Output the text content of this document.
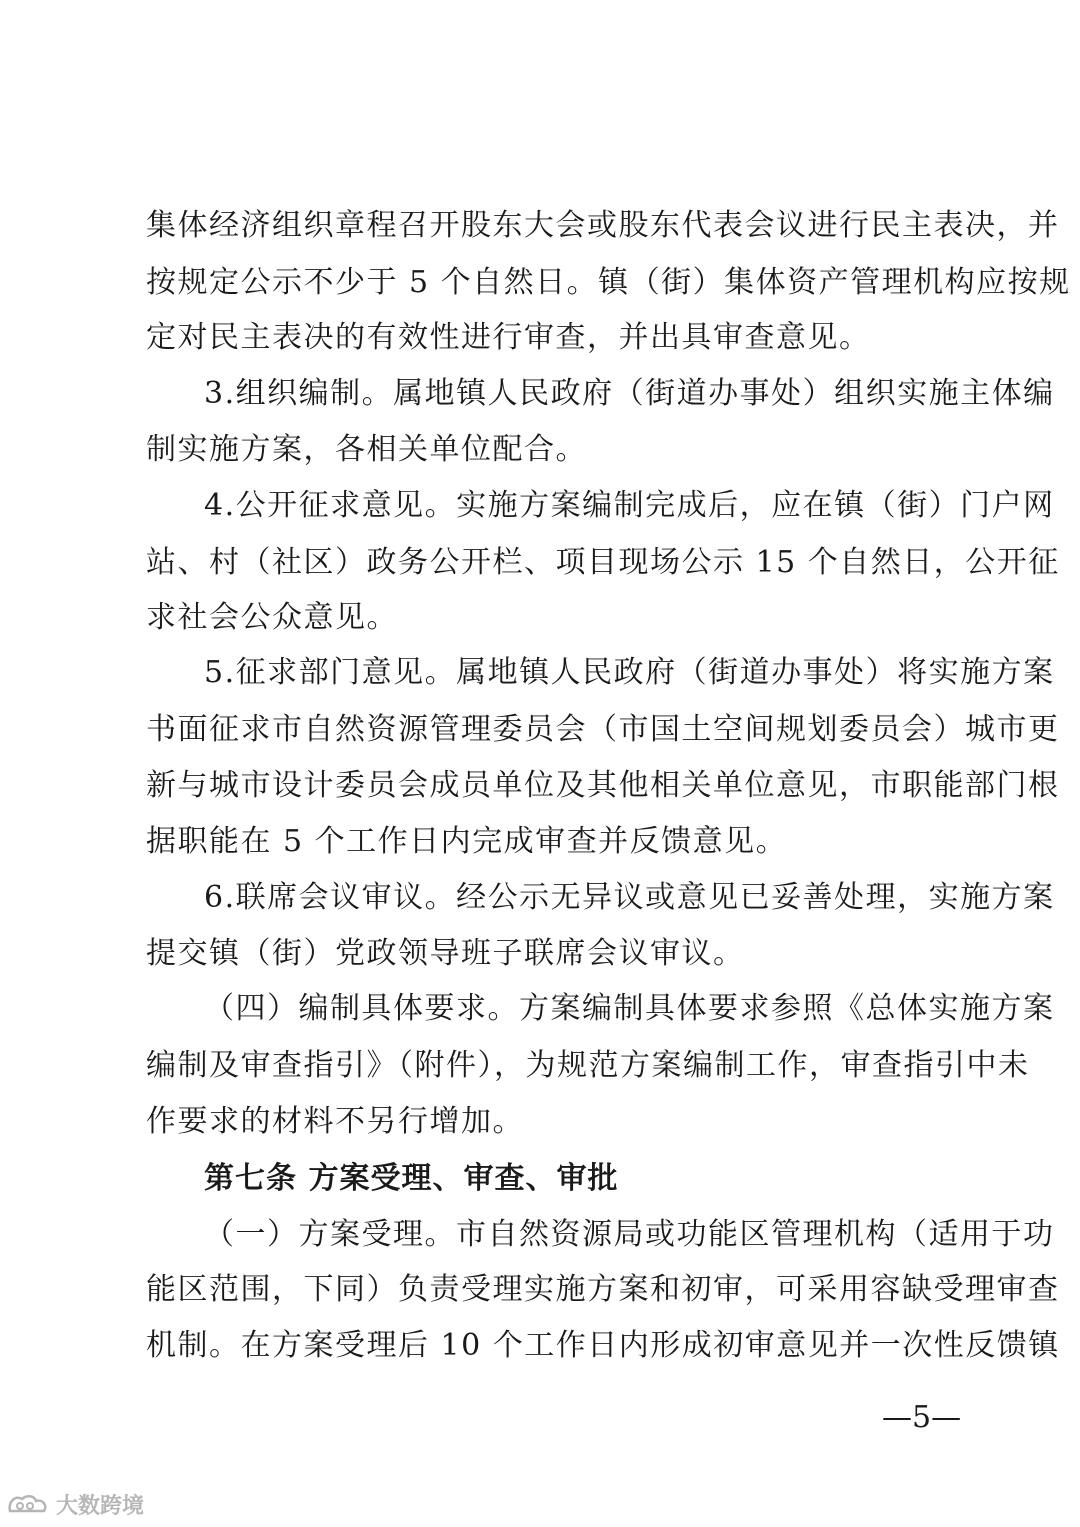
集体经济组织章程召开股东大会或股东代表会议进行民主表决，并
按规定公示不少于 5 个自然日。镇（街）集体资产管理机构应按规
定对民主表决的有效性进行审查，并出具审查意见。
3.组织编制。属地镇人民政府（街道办事处）组织实施主体编
制实施方案，各相关单位配合。
4.公开征求意见。实施方案编制完成后，应在镇（街）门户网
站、村（社区）政务公开栏、项目现场公示 15 个自然日，公开征
求社会公众意见。
5.征求部门意见。属地镇人民政府（街道办事处）将实施方案
书面征求市自然资源管理委员会（市国土空间规划委员会）城市更
新与城市设计委员会成员单位及其他相关单位意见，市职能部门根
据职能在 5 个工作日内完成审查并反馈意见。
6.联席会议审议。经公示无异议或意见已妥善处理，实施方案
提交镇（街）党政领导班子联席会议审议。
（四）编制具体要求。方案编制具体要求参照《总体实施方案
编制及审查指引》（附件），为规范方案编制工作，审查指引中未
作要求的材料不另行增加。
第七条 方案受理、审查、审批
（一）方案受理。市自然资源局或功能区管理机构（适用于功
能区范围，下同）负责受理实施方案和初审，可采用容缺受理审查
机制。在方案受理后 10 个工作日内形成初审意见并一次性反馈镇
—5—
大数跨境
